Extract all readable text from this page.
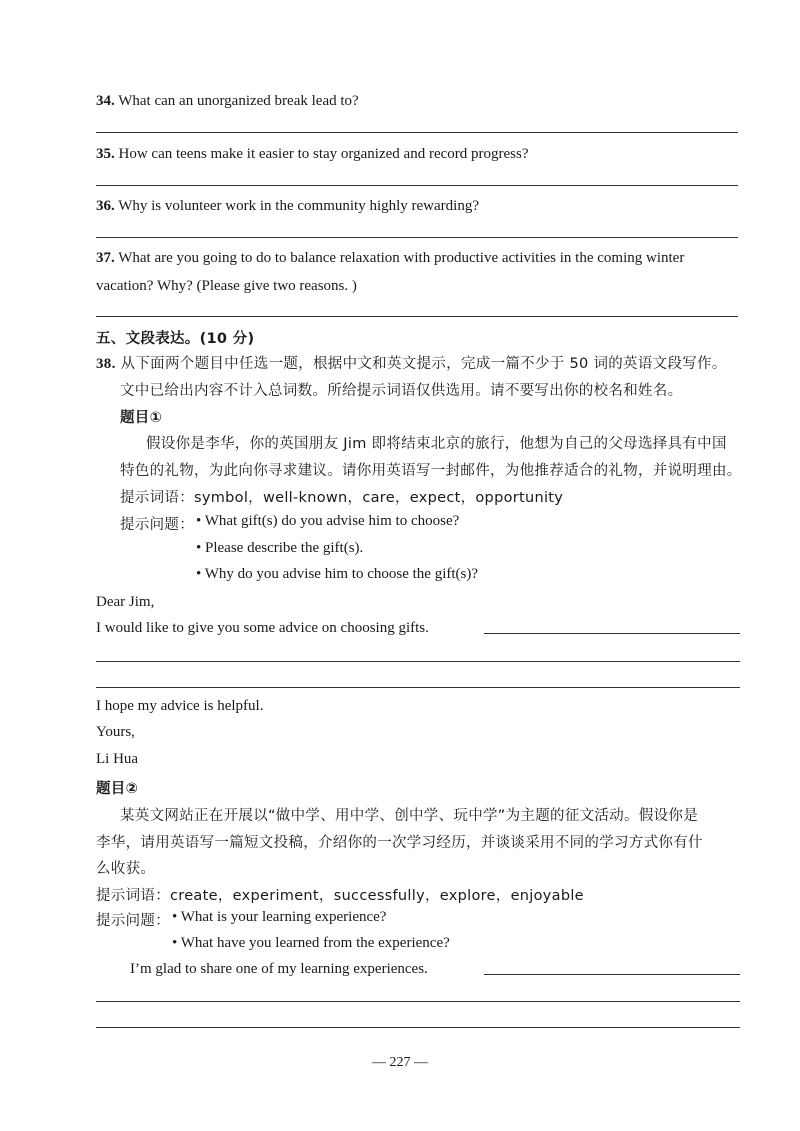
34. What can an unorganized break lead to?
35. How can teens make it easier to stay organized and record progress?
36. Why is volunteer work in the community highly rewarding?
37. What are you going to do to balance relaxation with productive activities in the coming winter
vacation? Why? (Please give two reasons. )
五、文段表达。(10 分)
38. 从下面两个题目中任选一题，根据中文和英文提示，完成一篇不少于 50 词的英语文段写作。
文中已给出内容不计入总词数。所给提示词语仅供选用。请不要写出你的校名和姓名。
题目①
假设你是李华，你的英国朋友 Jim 即将结束北京的旅行，他想为自己的父母选择具有中国
特色的礼物，为此向你寻求建议。请你用英语写一封邮件，为他推荐适合的礼物，并说明理由。
提示词语：symbol，well-known，care，expect，opportunity
提示问题： • What gift(s) do you advise him to choose?
• Please describe the gift(s).
• Why do you advise him to choose the gift(s)?
Dear Jim,
I would like to give you some advice on choosing gifts.
I hope my advice is helpful.
Yours,
Li Hua
题目②
某英文网站正在开展以“做中学、用中学、创中学、玩中学”为主题的征文活动。假设你是
李华，请用英语写一篇短文投稿，介绍你的一次学习经历，并谈谈采用不同的学习方式你有什
么收获。
提示词语：create，experiment，successfully，explore，enjoyable
提示问题： • What is your learning experience?
• What have you learned from the experience?
I’m glad to share one of my learning experiences.
— 227 —
